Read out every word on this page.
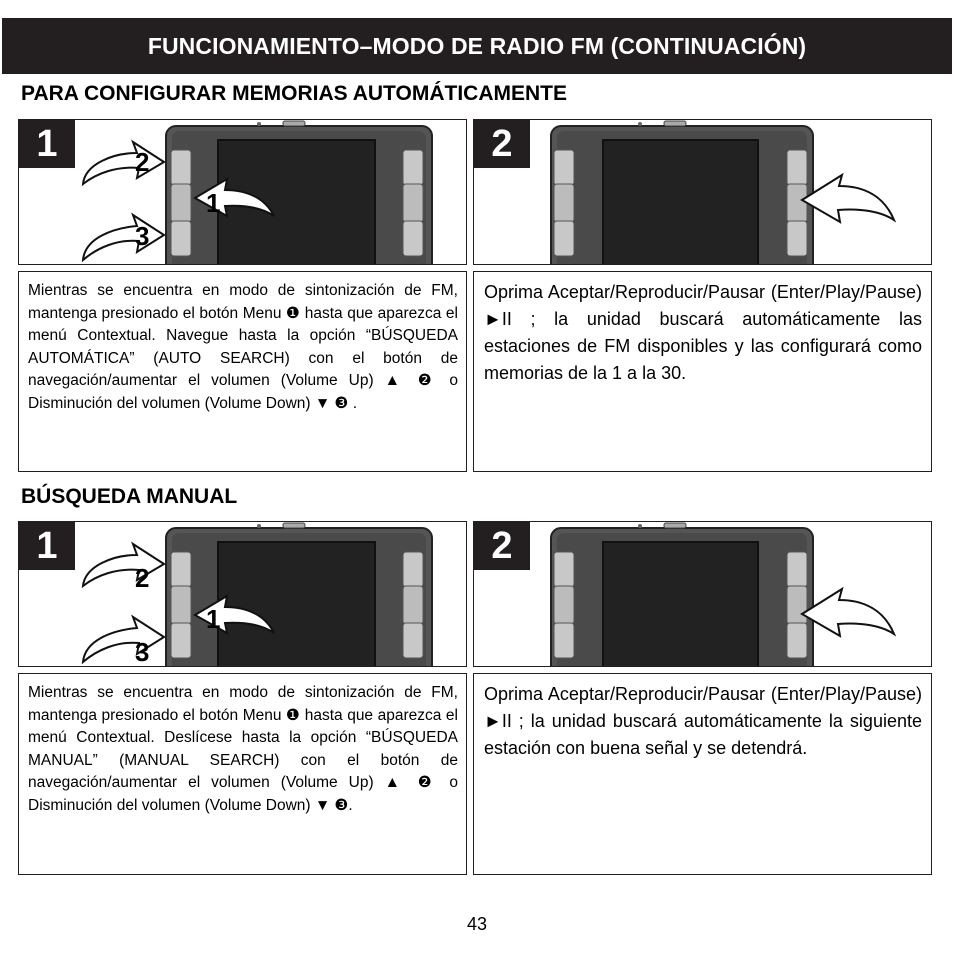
FUNCIONAMIENTO–MODO DE RADIO FM (CONTINUACIÓN)
PARA CONFIGURAR MEMORIAS AUTOMÁTICAMENTE
1	2
1
3
2
Mientras se encuentra en modo de sintonización de FM, mantenga presionado el botón Menu ❶ hasta que aparezca el menú Contextual. Navegue hasta la opción “BÚSQUEDA AUTOMÁTICA” (AUTO SEARCH) con el botón de navegación/aumentar el volumen (Volume Up) ▲ ❷ o Disminución del volumen (Volume Down) ▼ ❸ .
Oprima Aceptar/Reproducir/Pausar (Enter/Play/Pause) ►II ; la unidad buscará automáticamente las estaciones de FM disponibles y las configurará como memorias de la 1 a la 30.
BÚSQUEDA MANUAL
1
2
1
3
2
Mientras se encuentra en modo de sintonización de FM, mantenga presionado el botón Menu ❶ hasta que aparezca el menú Contextual. Deslícese hasta la opción “BÚSQUEDA MANUAL” (MANUAL SEARCH) con el botón de navegación/aumentar el volumen (Volume Up) ▲ ❷ o Disminución del volumen (Volume Down) ▼ ❸.
Oprima Aceptar/Reproducir/Pausar (Enter/Play/Pause) ►II ; la unidad buscará automáticamente la siguiente estación con buena señal y se detendrá.
43
